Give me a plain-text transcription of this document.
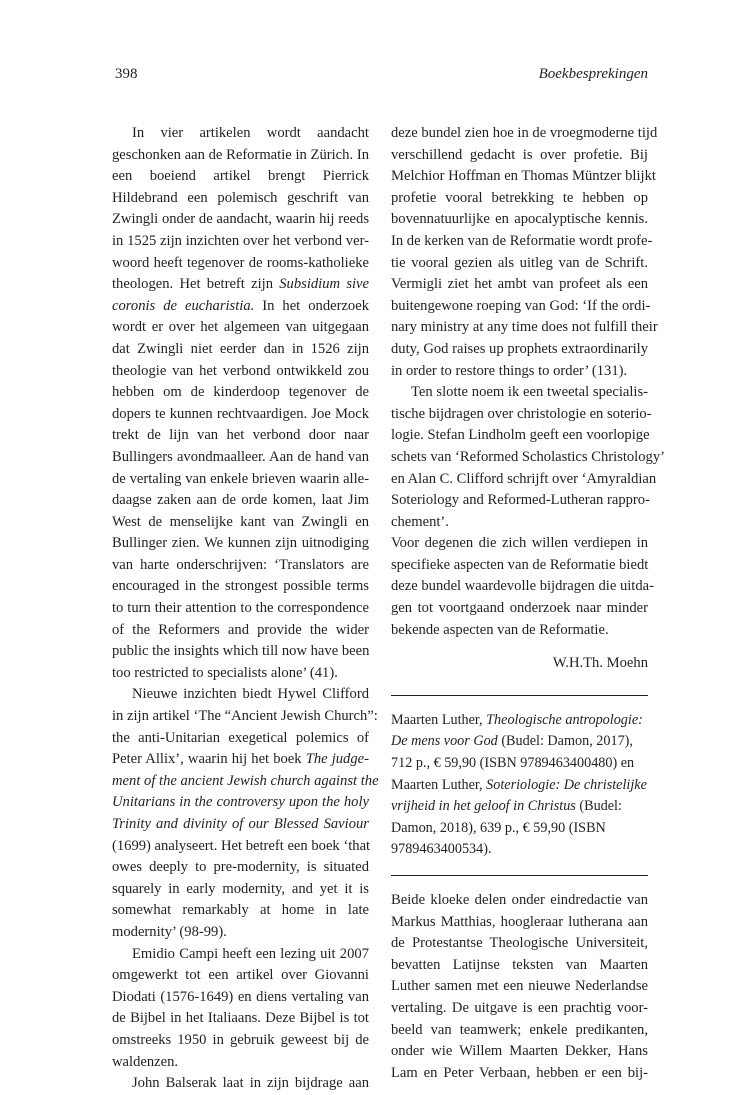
398	Boekbesprekingen
In vier artikelen wordt aandacht
geschonken aan de Reformatie in Zürich. In
een boeiend artikel brengt Pierrick
Hildebrand een polemisch geschrift van
Zwingli onder de aandacht, waarin hij reeds
in 1525 zijn inzichten over het verbond ver-
woord heeft tegenover de rooms-katholieke
theologen. Het betreft zijn Subsidium sive
coronis de eucharistia. In het onderzoek
wordt er over het algemeen van uitgegaan
dat Zwingli niet eerder dan in 1526 zijn
theologie van het verbond ontwikkeld zou
hebben om de kinderdoop tegenover de
dopers te kunnen rechtvaardigen. Joe Mock
trekt de lijn van het verbond door naar
Bullingers avondmaalleer. Aan de hand van
de vertaling van enkele brieven waarin alle-
daagse zaken aan de orde komen, laat Jim
West de menselijke kant van Zwingli en
Bullinger zien. We kunnen zijn uitnodiging
van harte onderschrijven: ‘Translators are
encouraged in the strongest possible terms
to turn their attention to the correspondence
of the Reformers and provide the wider
public the insights which till now have been
too restricted to specialists alone’ (41).
Nieuwe inzichten biedt Hywel Clifford
in zijn artikel ‘The “Ancient Jewish Church”:
the anti-Unitarian exegetical polemics of
Peter Allix’, waarin hij het boek The judge-
ment of the ancient Jewish church against the
Unitarians in the controversy upon the holy
Trinity and divinity of our Blessed Saviour
(1699) analyseert. Het betreft een boek ‘that
owes deeply to pre-modernity, is situated
squarely in early modernity, and yet it is
somewhat remarkably at home in late
modernity’ (98-99).
Emidio Campi heeft een lezing uit 2007
omgewerkt tot een artikel over Giovanni
Diodati (1576-1649) en diens vertaling van
de Bijbel in het Italiaans. Deze Bijbel is tot
omstreeks 1950 in gebruik geweest bij de
waldenzen.
John Balserak laat in zijn bijdrage aan
deze bundel zien hoe in de vroegmoderne tijd
verschillend gedacht is over profetie. Bij
Melchior Hoffman en Thomas Müntzer blijkt
profetie vooral betrekking te hebben op
bovennatuurlijke en apocalyptische kennis.
In de kerken van de Reformatie wordt profe-
tie vooral gezien als uitleg van de Schrift.
Vermigli ziet het ambt van profeet als een
buitengewone roeping van God: ‘If the ordi-
nary ministry at any time does not fulfill their
duty, God raises up prophets extraordinarily
in order to restore things to order’ (131).
Ten slotte noem ik een tweetal specialis-
tische bijdragen over christologie en soterio-
logie. Stefan Lindholm geeft een voorlopige
schets van ‘Reformed Scholastics Christology’
en Alan C. Clifford schrijft over ‘Amyraldian
Soteriology and Reformed-Lutheran rappro-
chement’.
Voor degenen die zich willen verdiepen in
specifieke aspecten van de Reformatie biedt
deze bundel waardevolle bijdragen die uitda-
gen tot voortgaand onderzoek naar minder
bekende aspecten van de Reformatie.
W.H.Th. Moehn
Maarten Luther, Theologische antropologie:
De mens voor God (Budel: Damon, 2017),
712 p., € 59,90 (ISBN 9789463400480) en
Maarten Luther, Soteriologie: De christelijke
vrijheid in het geloof in Christus (Budel:
Damon, 2018), 639 p., € 59,90 (ISBN
9789463400534).
Beide kloeke delen onder eindredactie van
Markus Matthias, hoogleraar lutherana aan
de Protestantse Theologische Universiteit,
bevatten Latijnse teksten van Maarten
Luther samen met een nieuwe Nederlandse
vertaling. De uitgave is een prachtig voor-
beeld van teamwerk; enkele predikanten,
onder wie Willem Maarten Dekker, Hans
Lam en Peter Verbaan, hebben er een bij-
